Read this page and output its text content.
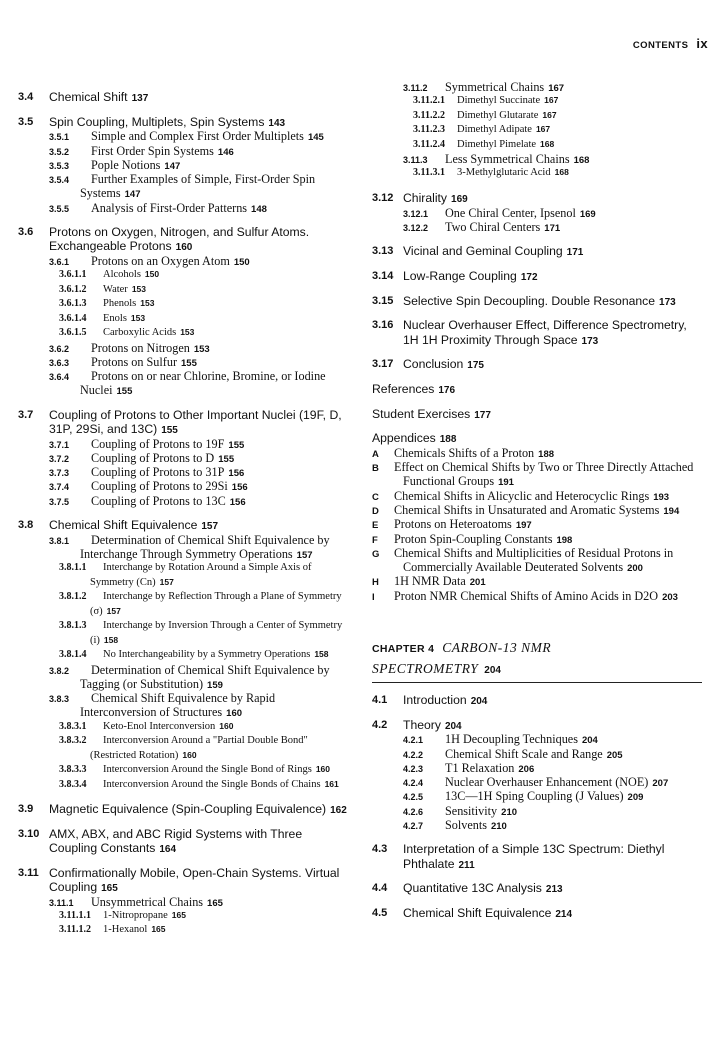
CONTENTS ix
3.4 Chemical Shift 137
3.5 Spin Coupling, Multiplets, Spin Systems 143
3.5.1 Simple and Complex First Order Multiplets 145
3.5.2 First Order Spin Systems 146
3.5.3 Pople Notions 147
3.5.4 Further Examples of Simple, First-Order Spin Systems 147
3.5.5 Analysis of First-Order Patterns 148
3.6 Protons on Oxygen, Nitrogen, and Sulfur Atoms. Exchangeable Protons 160
3.6.1 Protons on an Oxygen Atom 150
3.6.1.1 Alcohols 150
3.6.1.2 Water 153
3.6.1.3 Phenols 153
3.6.1.4 Enols 153
3.6.1.5 Carboxylic Acids 153
3.6.2 Protons on Nitrogen 153
3.6.3 Protons on Sulfur 155
3.6.4 Protons on or near Chlorine, Bromine, or Iodine Nuclei 155
3.7 Coupling of Protons to Other Important Nuclei (19F, D, 31P, 29Si, and 13C) 155
3.7.1 Coupling of Protons to 19F 155
3.7.2 Coupling of Protons to D 155
3.7.3 Coupling of Protons to 31P 156
3.7.4 Coupling of Protons to 29Si 156
3.7.5 Coupling of Protons to 13C 156
3.8 Chemical Shift Equivalence 157
3.8.1 Determination of Chemical Shift Equivalence by Interchange Through Symmetry Operations 157
3.8.1.1 Interchange by Rotation Around a Simple Axis of Symmetry (Cn) 157
3.8.1.2 Interchange by Reflection Through a Plane of Symmetry (σ) 157
3.8.1.3 Interchange by Inversion Through a Center of Symmetry (i) 158
3.8.1.4 No Interchangeability by a Symmetry Operations 158
3.8.2 Determination of Chemical Shift Equivalence by Tagging (or Substitution) 159
3.8.3 Chemical Shift Equivalence by Rapid Interconversion of Structures 160
3.8.3.1 Keto-Enol Interconversion 160
3.8.3.2 Interconversion Around a "Partial Double Bond" (Restricted Rotation) 160
3.8.3.3 Interconversion Around the Single Bond of Rings 160
3.8.3.4 Interconversion Around the Single Bonds of Chains 161
3.9 Magnetic Equivalence (Spin-Coupling Equivalence) 162
3.10 AMX, ABX, and ABC Rigid Systems with Three Coupling Constants 164
3.11 Confirmationally Mobile, Open-Chain Systems. Virtual Coupling 165
3.11.1 Unsymmetrical Chains 165
3.11.1.1 1-Nitropropane 165
3.11.1.2 1-Hexanol 165
3.11.2 Symmetrical Chains 167
3.11.2.1 Dimethyl Succinate 167
3.11.2.2 Dimethyl Glutarate 167
3.11.2.3 Dimethyl Adipate 167
3.11.2.4 Dimethyl Pimelate 168
3.11.3 Less Symmetrical Chains 168
3.11.3.1 3-Methylglutaric Acid 168
3.12 Chirality 169
3.12.1 One Chiral Center, Ipsenol 169
3.12.2 Two Chiral Centers 171
3.13 Vicinal and Geminal Coupling 171
3.14 Low-Range Coupling 172
3.15 Selective Spin Decoupling. Double Resonance 173
3.16 Nuclear Overhauser Effect, Difference Spectrometry, 1H 1H Proximity Through Space 173
3.17 Conclusion 175
References 176
Student Exercises 177
Appendices 188
A Chemicals Shifts of a Proton 188
B Effect on Chemical Shifts by Two or Three Directly Attached Functional Groups 191
C Chemical Shifts in Alicyclic and Heterocyclic Rings 193
D Chemical Shifts in Unsaturated and Aromatic Systems 194
E Protons on Heteroatoms 197
F Proton Spin-Coupling Constants 198
G Chemical Shifts and Multiplicities of Residual Protons in Commercially Available Deuterated Solvents 200
H 1H NMR Data 201
I Proton NMR Chemical Shifts of Amino Acids in D2O 203
CHAPTER 4 CARBON-13 NMR
SPECTROMETRY 204
4.1 Introduction 204
4.2 Theory 204
4.2.1 1H Decoupling Techniques 204
4.2.2 Chemical Shift Scale and Range 205
4.2.3 T1 Relaxation 206
4.2.4 Nuclear Overhauser Enhancement (NOE) 207
4.2.5 13C—1H Sping Coupling (J Values) 209
4.2.6 Sensitivity 210
4.2.7 Solvents 210
4.3 Interpretation of a Simple 13C Spectrum: Diethyl Phthalate 211
4.4 Quantitative 13C Analysis 213
4.5 Chemical Shift Equivalence 214
